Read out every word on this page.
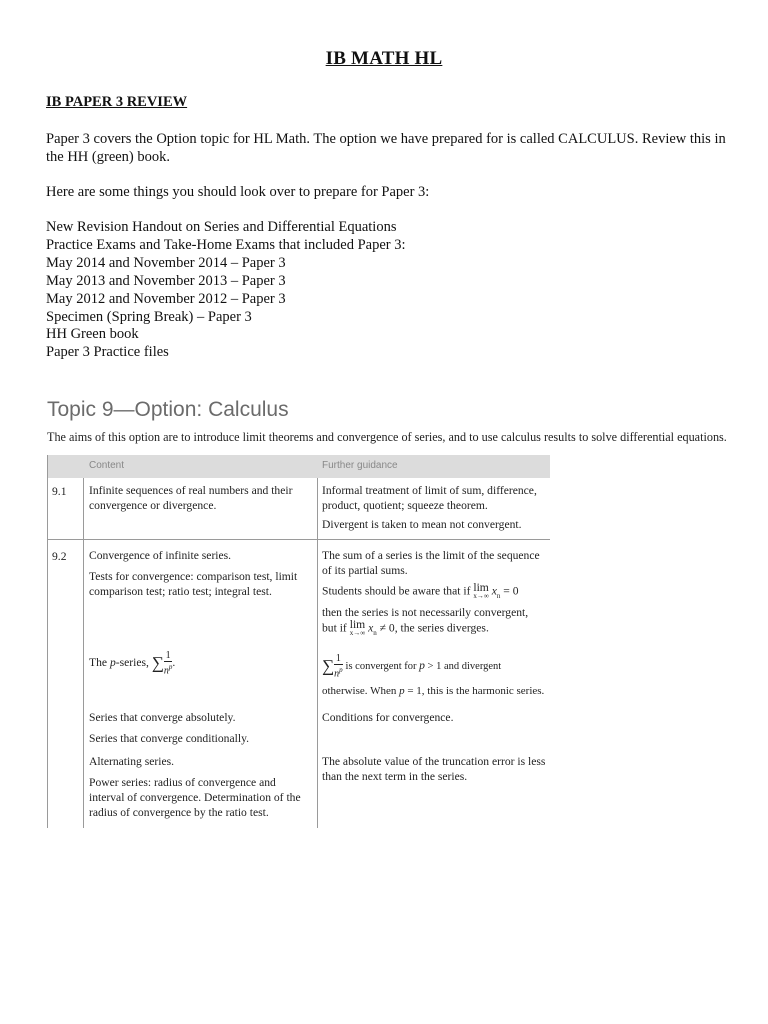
IB MATH HL
IB PAPER 3 REVIEW
Paper 3 covers the Option topic for HL Math. The option we have prepared for is called CALCULUS. Review this in the HH (green) book.
Here are some things you should look over to prepare for Paper 3:
New Revision Handout on Series and Differential Equations
Practice Exams and Take-Home Exams that included Paper 3:
May 2014 and November 2014 – Paper 3
May 2013 and November 2013 – Paper 3
May 2012 and November 2012 – Paper 3
Specimen (Spring Break) – Paper 3
HH Green book
Paper 3 Practice files
Topic 9—Option: Calculus
The aims of this option are to introduce limit theorems and convergence of series, and to use calculus results to solve differential equations.
Content	Further guidance
9.1 Infinite sequences of real numbers and their convergence or divergence.
Informal treatment of limit of sum, difference, product, quotient; squeeze theorem.
Divergent is taken to mean not convergent.
9.2 Convergence of infinite series.
Tests for convergence: comparison test, limit comparison test; ratio test; integral test.
The p-series, ∑ $\frac{1}{n^p}$ .
Series that converge absolutely.
Series that converge conditionally.
Alternating series.
Power series: radius of convergence and interval of convergence. Determination of the radius of convergence by the ratio test.
The sum of a series is the limit of the sequence of its partial sums.
Students should be aware that if lim
x→∞ $x_n = 0$
then the series is not necessarily convergent,
but if lim
x→∞ $x_n \ne 0$, the series diverges.
∑ $\frac{1}{n^p}$ is convergent for p > 1 and divergent
otherwise. When p = 1, this is the harmonic series.
Conditions for convergence.
The absolute value of the truncation error is less than the next term in the series.
